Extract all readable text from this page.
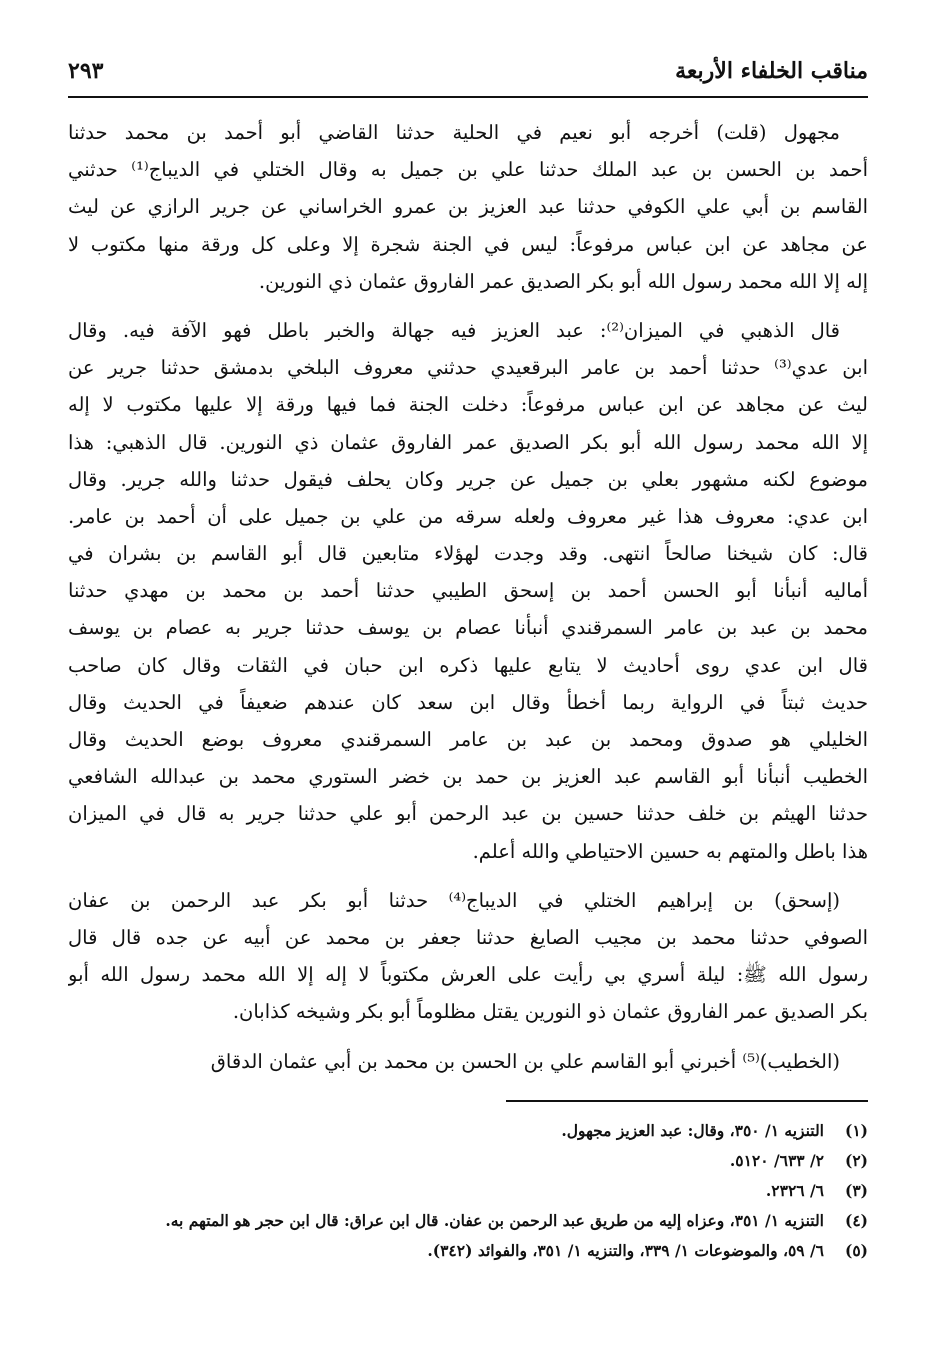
مناقب الخلفاء الأربعة
٢٩٣
مجهول (قلت) أخرجه أبو نعيم في الحلية حدثنا القاضي أبو أحمد بن محمد حدثنا
أحمد بن الحسن بن عبد الملك حدثنا علي بن جميل به وقال الختلي في الديباج⁽¹⁾ حدثني
القاسم بن أبي علي الكوفي حدثنا عبد العزيز بن عمرو الخراساني عن جرير الرازي عن ليث
عن مجاهد عن ابن عباس مرفوعاً: ليس في الجنة شجرة إلا وعلى كل ورقة منها مكتوب لا
إله إلا الله محمد رسول الله أبو بكر الصديق عمر الفاروق عثمان ذي النورين.
قال الذهبي في الميزان⁽²⁾: عبد العزيز فيه جهالة والخبر باطل فهو الآفة فيه. وقال
ابن عدي⁽³⁾ حدثنا أحمد بن عامر البرقعيدي حدثني معروف البلخي بدمشق حدثنا جرير عن
ليث عن مجاهد عن ابن عباس مرفوعاً: دخلت الجنة فما فيها ورقة إلا عليها مكتوب لا إله
إلا الله محمد رسول الله أبو بكر الصديق عمر الفاروق عثمان ذي النورين. قال الذهبي: هذا
موضوع لكنه مشهور بعلي بن جميل عن جرير وكان يحلف فيقول حدثنا والله جرير. وقال
ابن عدي: معروف هذا غير معروف ولعله سرقه من علي بن جميل على أن أحمد بن عامر.
قال: كان شيخنا صالحاً انتهى. وقد وجدت لهؤلاء متابعين قال أبو القاسم بن بشران في
أماليه أنبأنا أبو الحسن أحمد بن إسحق الطيبي حدثنا أحمد بن محمد بن مهدي حدثنا
محمد بن عبد بن عامر السمرقندي أنبأنا عصام بن يوسف حدثنا جرير به عصام بن يوسف
قال ابن عدي روى أحاديث لا يتابع عليها ذكره ابن حبان في الثقات وقال كان صاحب
حديث ثبتاً في الرواية ربما أخطأ وقال ابن سعد كان عندهم ضعيفاً في الحديث وقال
الخليلي هو صدوق ومحمد بن عبد بن عامر السمرقندي معروف بوضع الحديث وقال
الخطيب أنبأنا أبو القاسم عبد العزيز بن حمد بن خضر الستوري محمد بن عبدالله الشافعي
حدثنا الهيثم بن خلف حدثنا حسين بن عبد الرحمن أبو علي حدثنا جرير به قال في الميزان
هذا باطل والمتهم به حسين الاحتياطي والله أعلم.
(إسحق) بن إبراهيم الختلي في الديباج⁽⁴⁾ حدثنا أبو بكر عبد الرحمن بن عفان
الصوفي حدثنا محمد بن مجيب الصايغ حدثنا جعفر بن محمد عن أبيه عن جده قال قال
رسول الله ﷺ: ليلة أسري بي رأيت على العرش مكتوباً لا إله إلا الله محمد رسول الله أبو
بكر الصديق عمر الفاروق عثمان ذو النورين يقتل مظلوماً أبو بكر وشيخه كذابان.
(الخطيب)⁽⁵⁾ أخبرني أبو القاسم علي بن الحسن بن محمد بن أبي عثمان الدقاق
(١)
التنزيه ١/ ٣٥٠، وقال: عبد العزيز مجهول.
(٢)
٢/ ٦٣٣/ ٥١٢٠.
(٣)
٦/ ٢٣٢٦.
(٤)
التنزيه ١/ ٣٥١، وعزاه إليه من طريق عبد الرحمن بن عفان. قال ابن عراق: قال ابن حجر هو المتهم به.
(٥)
٦/ ٥٩، والموضوعات ١/ ٣٣٩، والتنزيه ١/ ٣٥١، والفوائد (٣٤٢).
